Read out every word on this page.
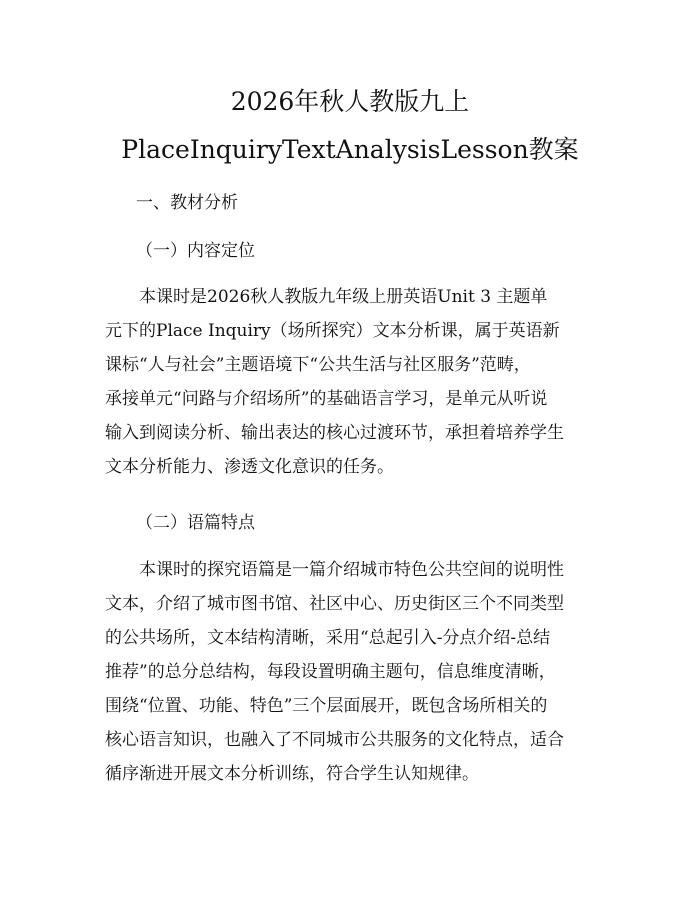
2026年秋人教版九上
PlaceInquiryTextAnalysisLesson教案
一、教材分析
（一）内容定位
　　本课时是2026秋人教版九年级上册英语Unit 3 主题单
元下的Place Inquiry（场所探究）文本分析课，属于英语新
课标“人与社会”主题语境下“公共生活与社区服务”范畴，
承接单元“问路与介绍场所”的基础语言学习，是单元从听说
输入到阅读分析、输出表达的核心过渡环节，承担着培养学生
文本分析能力、渗透文化意识的任务。
（二）语篇特点
　　本课时的探究语篇是一篇介绍城市特色公共空间的说明性
文本，介绍了城市图书馆、社区中心、历史街区三个不同类型
的公共场所，文本结构清晰，采用“总起引入-分点介绍-总结
推荐”的总分总结构，每段设置明确主题句，信息维度清晰，
围绕“位置、功能、特色”三个层面展开，既包含场所相关的
核心语言知识，也融入了不同城市公共服务的文化特点，适合
循序渐进开展文本分析训练，符合学生认知规律。
